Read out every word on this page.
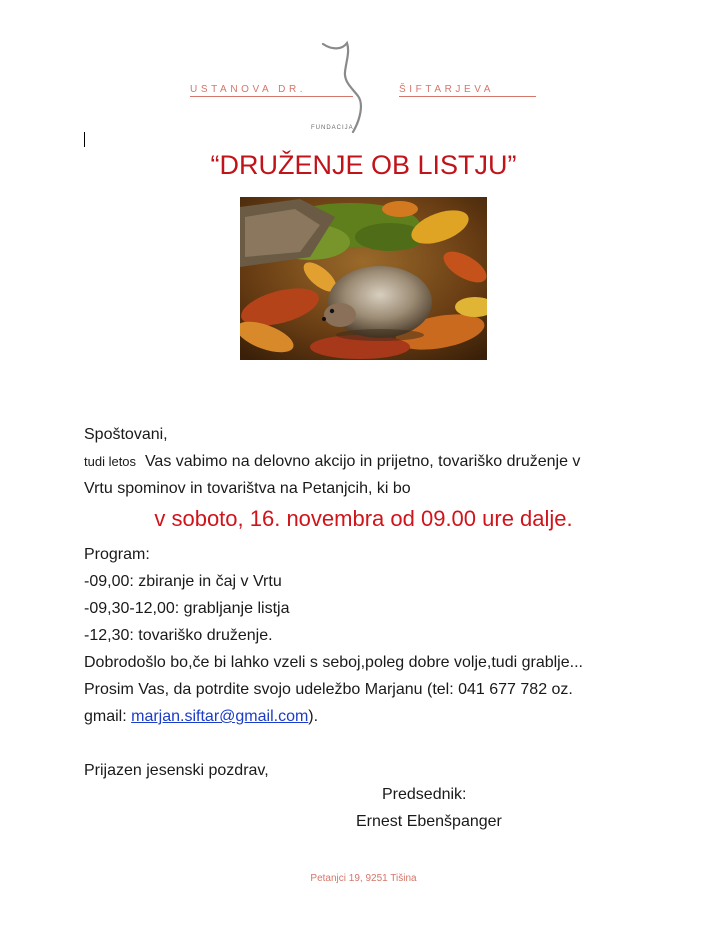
USTANOVA DR.	ŠIFTARJEVA
FUNDACIJA
“DRUŽENJE OB LISTJU”
Spoštovani,
tudi letos Vas vabimo na delovno akcijo in prijetno, tovariško druženje v
Vrtu spominov in tovarištva na Petanjcih, ki bo
v soboto, 16. novembra od 09.00 ure dalje.
Program:
-09,00: zbiranje in čaj v Vrtu
-09,30-12,00: grabljanje listja
-12,30: tovariško druženje.
Dobrodošlo bo,če bi lahko vzeli s seboj,poleg dobre volje,tudi grablje...
Prosim Vas, da potrdite svojo udeležbo Marjanu (tel: 041 677 782 oz.
gmail: marjan.siftar@gmail.com).
Prijazen jesenski pozdrav,
Predsednik:
Ernest Ebenšpanger
Petanjci 19, 9251 Tišina
